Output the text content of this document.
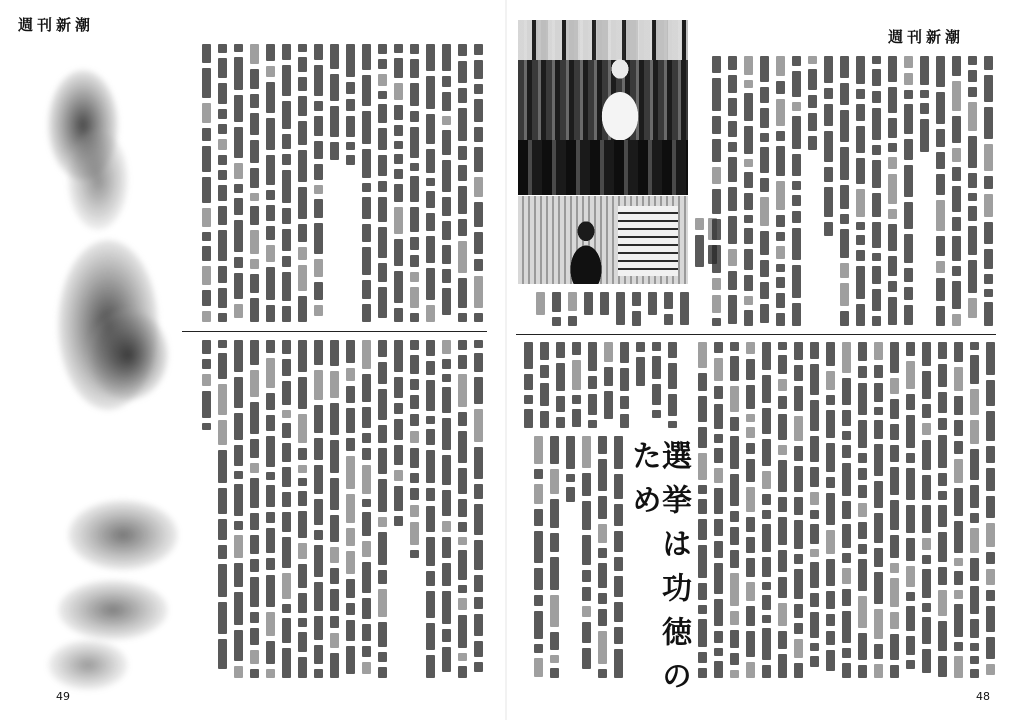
週刊新潮
49
週刊新潮
選挙は功徳のため
48
